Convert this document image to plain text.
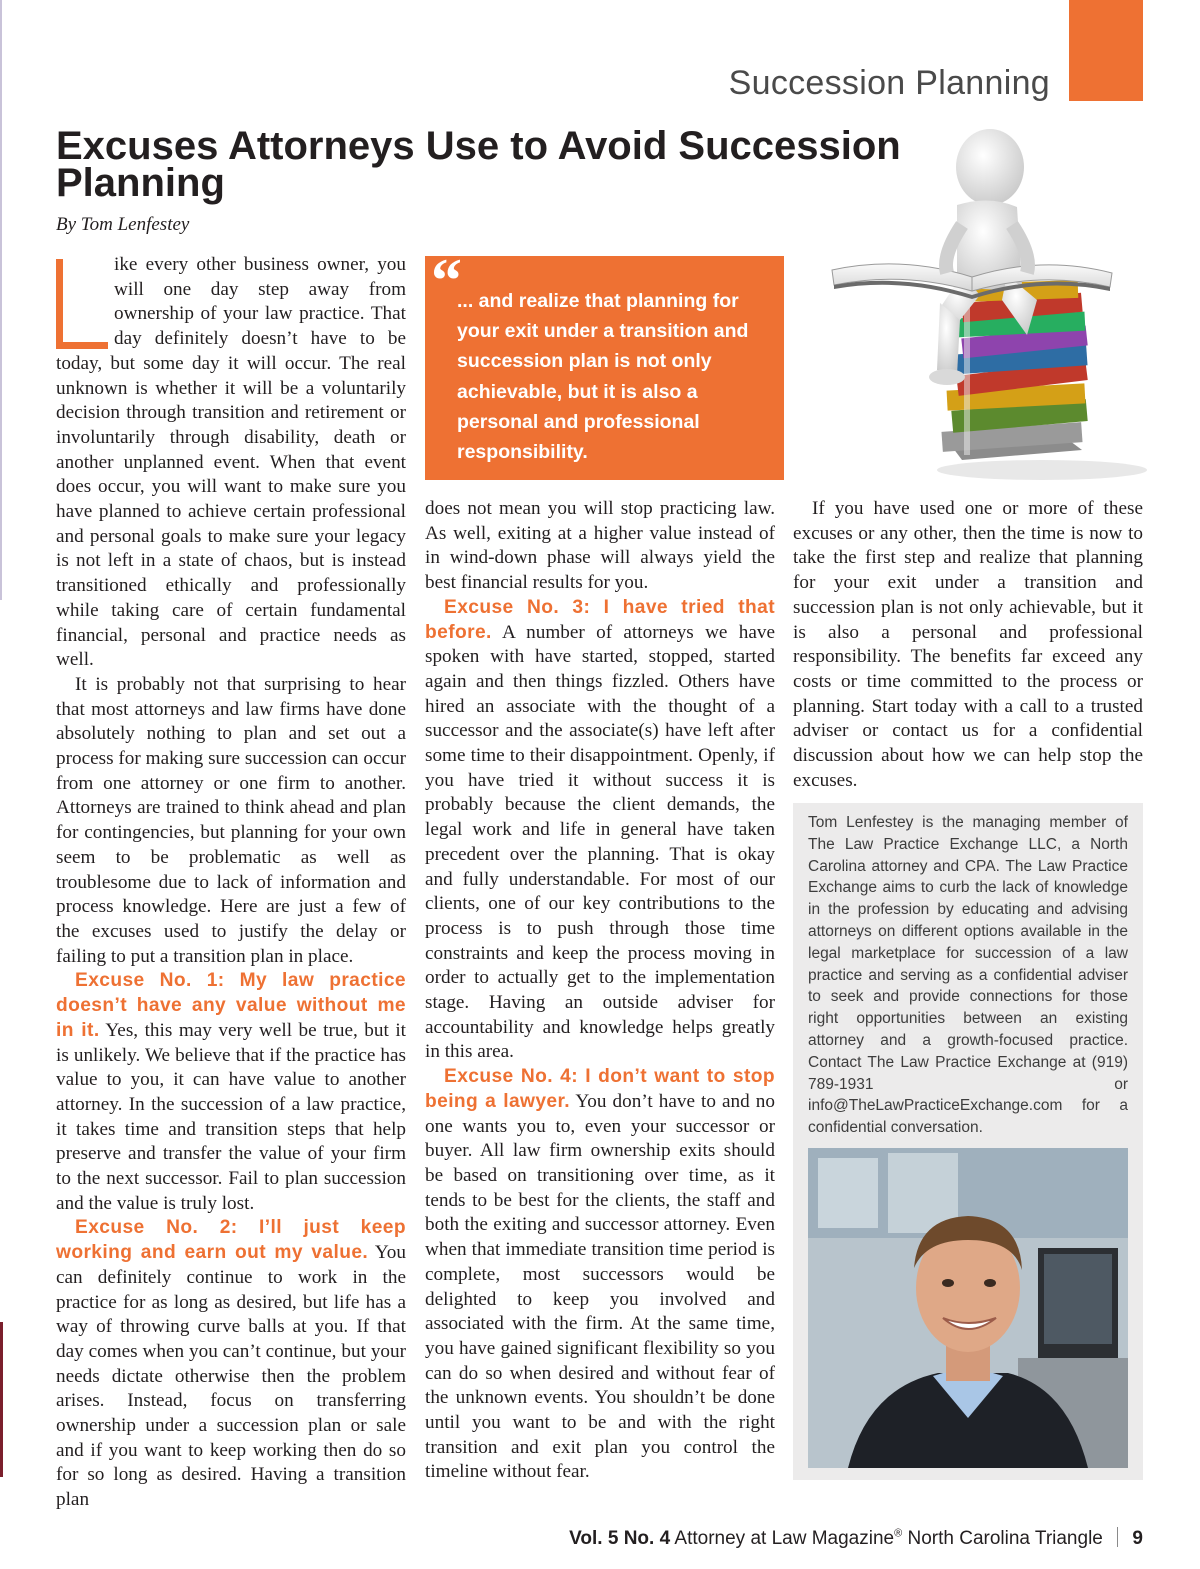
Succession Planning
Excuses Attorneys Use to Avoid Succession Planning
By Tom Lenfestey

ike every other business owner, you will one day step away from ownership of your law practice. That day definitely doesn’t have to be today, but some day it will occur. The real unknown is whether it will be a voluntarily decision through transition and retirement or involuntarily through disability, death or another unplanned event. When that event does occur, you will want to make sure you have planned to achieve certain professional and personal goals to make sure your legacy is not left in a state of chaos, but is instead transitioned ethically and professionally while taking care of certain fundamental financial, personal and practice needs as well.

It is probably not that surprising to hear that most attorneys and law firms have done absolutely nothing to plan and set out a process for making sure succession can occur from one attorney or one firm to another. Attorneys are trained to think ahead and plan for contingencies, but planning for your own seem to be problematic as well as troublesome due to lack of information and process knowledge. Here are just a few of the excuses used to justify the delay or failing to put a transition plan in place.

Excuse No. 1: My law practice doesn’t have any value without me in it. Yes, this may very well be true, but it is unlikely. We believe that if the practice has value to you, it can have value to another attorney. In the succession of a law practice, it takes time and transition steps that help preserve and transfer the value of your firm to the next successor. Fail to plan succession and the value is truly lost.

Excuse No. 2: I’ll just keep working and earn out my value. You can definitely continue to work in the practice for as long as desired, but life has a way of throwing curve balls at you. If that day comes when you can’t continue, but your needs dictate otherwise then the problem arises. Instead, focus on transferring ownership under a succession plan or sale and if you want to keep working then do so for so long as desired. Having a transition plan

“
... and realize that planning for your exit under a transition and succession plan is not only achievable, but it is also a personal and professional responsibility.

does not mean you will stop practicing law. As well, exiting at a higher value instead of in wind-down phase will always yield the best financial results for you.

Excuse No. 3: I have tried that before. A number of attorneys we have spoken with have started, stopped, started again and then things fizzled. Others have hired an associate with the thought of a successor and the associate(s) have left after some time to their disappointment. Openly, if you have tried it without success it is probably because the client demands, the legal work and life in general have taken precedent over the planning. That is okay and fully understandable. For most of our clients, one of our key contributions to the process is to push through those time constraints and keep the process moving in order to actually get to the implementation stage. Having an outside adviser for accountability and knowledge helps greatly in this area.

Excuse No. 4: I don’t want to stop being a lawyer. You don’t have to and no one wants you to, even your successor or buyer. All law firm ownership exits should be based on transitioning over time, as it tends to be best for the clients, the staff and both the exiting and successor attorney. Even when that immediate transition time period is complete, most successors would be delighted to keep you involved and associated with the firm. At the same time, you have gained significant flexibility so you can do so when desired and without fear of the unknown events. You shouldn’t be done until you want to be and with the right transition and exit plan you control the timeline without fear.

If you have used one or more of these excuses or any other, then the time is now to take the first step and realize that planning for your exit under a transition and succession plan is not only achievable, but it is also a personal and professional responsibility. The benefits far exceed any costs or time committed to the process or planning. Start today with a call to a trusted adviser or contact us for a confidential discussion about how we can help stop the excuses.

Tom Lenfestey is the managing member of The Law Practice Exchange LLC, a North Carolina attorney and CPA. The Law Practice Exchange aims to curb the lack of knowledge in the profession by educating and advising attorneys on different options available in the legal marketplace for succession of a law practice and serving as a confidential adviser to seek and provide connections for those right opportunities between an existing attorney and a growth-focused practice. Contact The Law Practice Exchange at (919) 789-1931 or info@TheLawPracticeExchange.com for a confidential conversation.
Vol. 5 No. 4 Attorney at Law Magazine® North Carolina Triangle 9
